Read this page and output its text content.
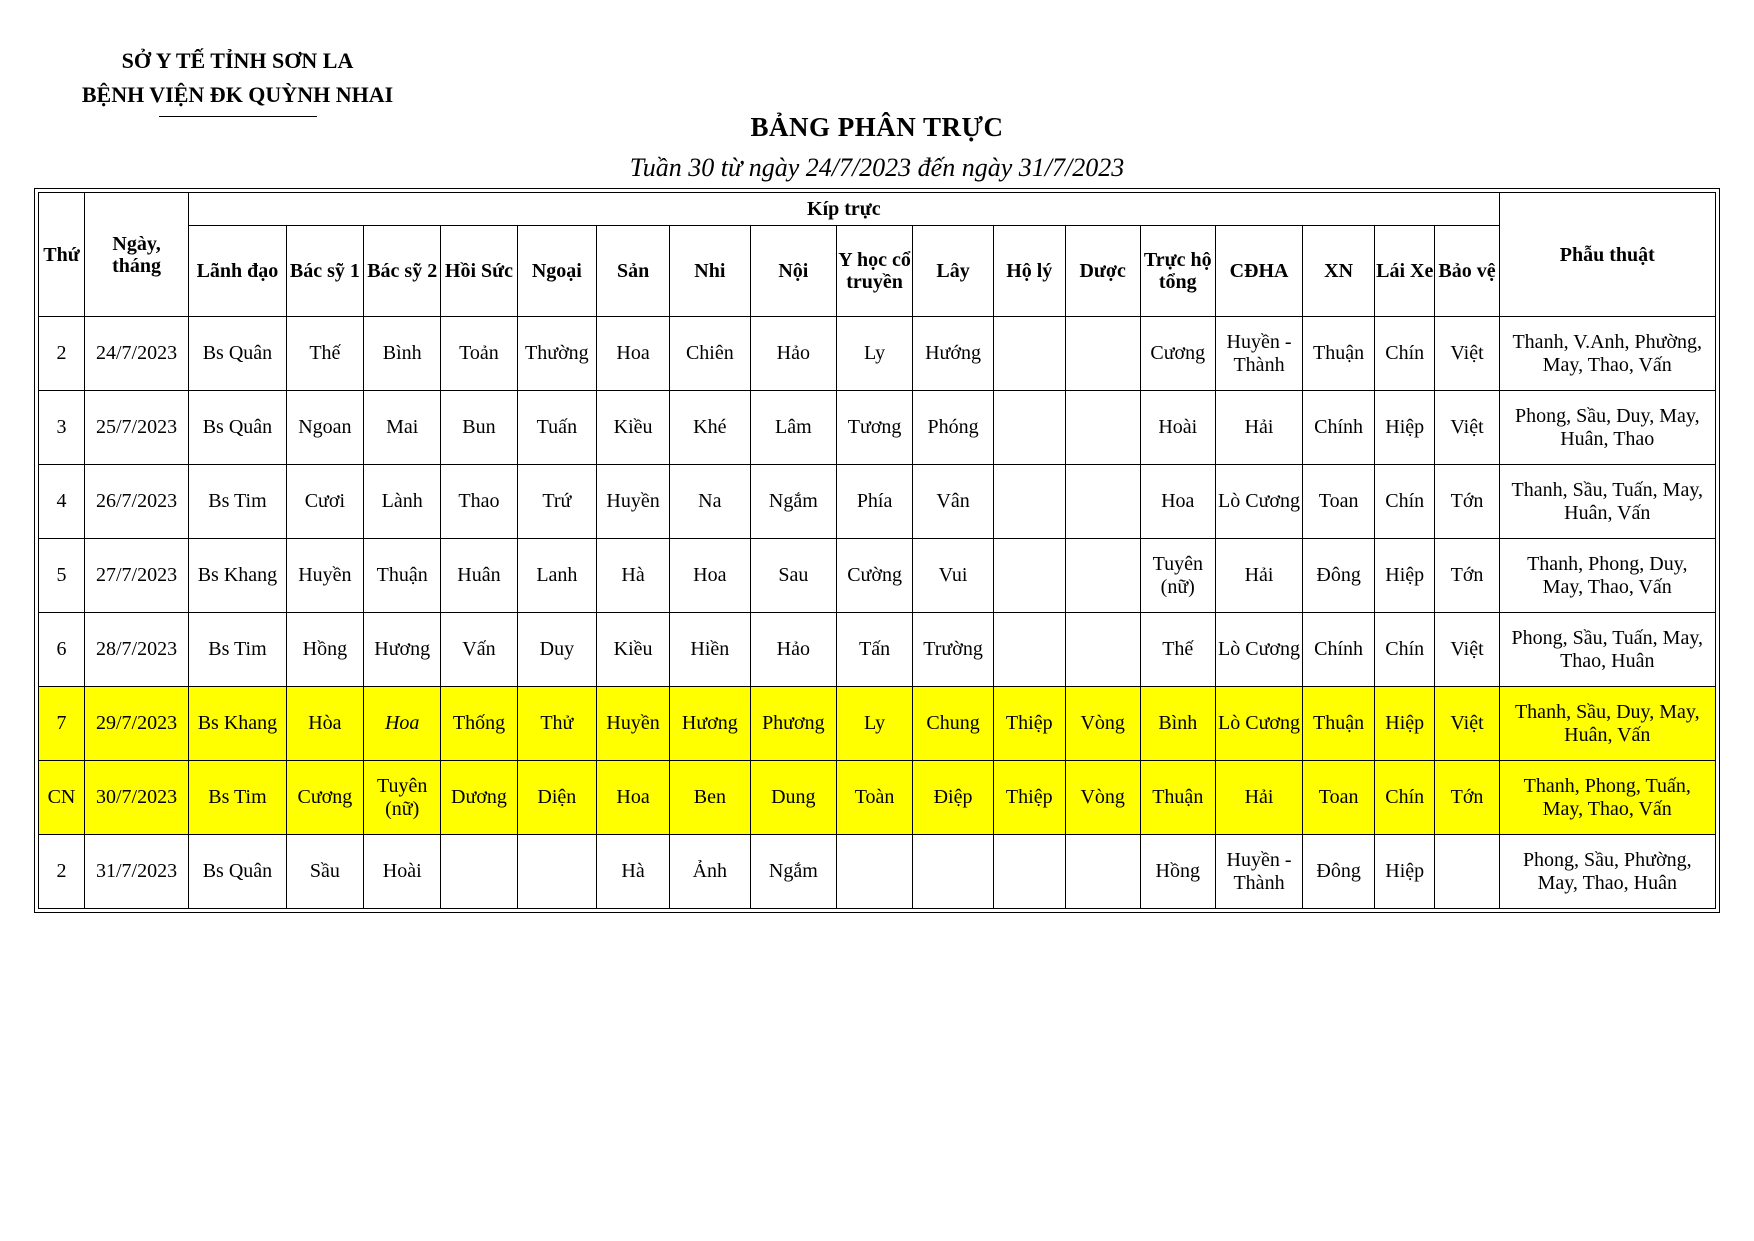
SỞ Y TẾ TỈNH SƠN LA
BỆNH VIỆN ĐK QUỲNH NHAI
BẢNG PHÂN TRỰC
Tuần 30 từ ngày 24/7/2023 đến ngày 31/7/2023
Thứ	Ngày, tháng	Kíp trực																	Phẫu thuật
		Lãnh đạo	Bác sỹ 1	Bác sỹ 2	Hồi Sức	Ngoại	Sản	Nhi	Nội	Y học cổ truyền	Lây	Hộ lý	Dược	Trực hộ tổng	CĐHA	XN	Lái Xe	Bảo vệ	
2	24/7/2023	Bs Quân	Thế	Bình	Toản	Thường	Hoa	Chiên	Hảo	Ly	Hướng			Cương	Huyền - Thành	Thuận	Chín	Việt	Thanh, V.Anh, Phường, May, Thao, Vấn
3	25/7/2023	Bs Quân	Ngoan	Mai	Bun	Tuấn	Kiều	Khé	Lâm	Tương	Phóng			Hoài	Hải	Chính	Hiệp	Việt	Phong, Sầu, Duy, May, Huân, Thao
4	26/7/2023	Bs Tim	Cươi	Lành	Thao	Trứ	Huyền	Na	Ngắm	Phía	Vân			Hoa	Lò Cương	Toan	Chín	Tớn	Thanh, Sầu, Tuấn, May, Huân, Vấn
5	27/7/2023	Bs Khang	Huyền	Thuận	Huân	Lanh	Hà	Hoa	Sau	Cường	Vui			Tuyên (nữ)	Hải	Đông	Hiệp	Tớn	Thanh, Phong, Duy, May, Thao, Vấn
6	28/7/2023	Bs Tim	Hồng	Hương	Vấn	Duy	Kiều	Hiền	Hảo	Tấn	Trường			Thế	Lò Cương	Chính	Chín	Việt	Phong, Sầu, Tuấn, May, Thao, Huân
7	29/7/2023	Bs Khang	Hòa	Hoa	Thống	Thử	Huyền	Hương	Phương	Ly	Chung	Thiệp	Vòng	Bình	Lò Cương	Thuận	Hiệp	Việt	Thanh, Sầu, Duy, May, Huân, Vấn
CN	30/7/2023	Bs Tim	Cương	Tuyên (nữ)	Dương	Diện	Hoa	Ben	Dung	Toàn	Điệp	Thiệp	Vòng	Thuận	Hải	Toan	Chín	Tớn	Thanh, Phong, Tuấn, May, Thao, Vấn
2	31/7/2023	Bs Quân	Sầu	Hoài			Hà	Ảnh	Ngắm					Hồng	Huyền - Thành	Đông	Hiệp		Phong, Sầu, Phường, May, Thao, Huân
